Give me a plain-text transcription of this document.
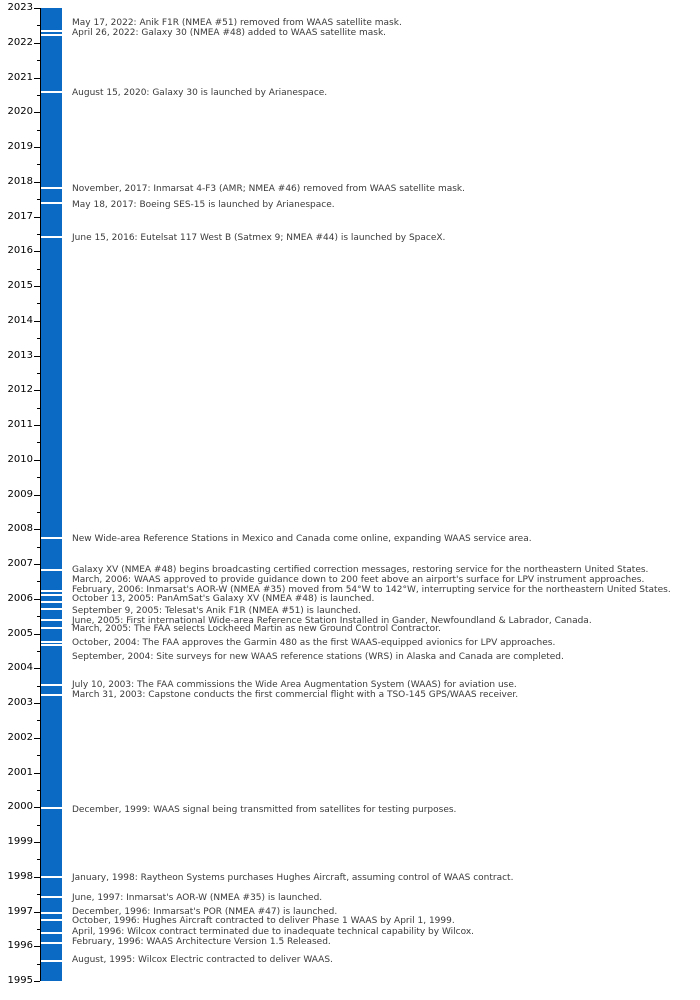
1995
1996
1997
1998
1999
2000
2001
2002
2003
2004
2005
2006
2007
2008
2009
2010
2011
2012
2013
2014
2015
2016
2017
2018
2019
2020
2021
2022
2023
May 17, 2022: Anik F1R (NMEA #51) removed from WAAS satellite mask.
April 26, 2022: Galaxy 30 (NMEA #48) added to WAAS satellite mask.
August 15, 2020: Galaxy 30 is launched by Arianespace.
November, 2017: Inmarsat 4-F3 (AMR; NMEA #46) removed from WAAS satellite mask.
May 18, 2017: Boeing SES-15 is launched by Arianespace.
June 15, 2016: Eutelsat 117 West B (Satmex 9; NMEA #44) is launched by SpaceX.
New Wide-area Reference Stations in Mexico and Canada come online, expanding WAAS service area.
Galaxy XV (NMEA #48) begins broadcasting certified correction messages, restoring service for the northeastern United States.
March, 2006: WAAS approved to provide guidance down to 200 feet above an airport's surface for LPV instrument approaches.
February, 2006: Inmarsat's AOR-W (NMEA #35) moved from 54°W to 142°W, interrupting service for the northeastern United States.
October 13, 2005: PanAmSat's Galaxy XV (NMEA #48) is launched.
September 9, 2005: Telesat's Anik F1R (NMEA #51) is launched.
June, 2005: First international Wide-area Reference Station Installed in Gander, Newfoundland & Labrador, Canada.
March, 2005: The FAA selects Lockheed Martin as new Ground Control Contractor.
October, 2004: The FAA approves the Garmin 480 as the first WAAS-equipped avionics for LPV approaches.
September, 2004: Site surveys for new WAAS reference stations (WRS) in Alaska and Canada are completed.
July 10, 2003: The FAA commissions the Wide Area Augmentation System (WAAS) for aviation use.
March 31, 2003: Capstone conducts the first commercial flight with a TSO-145 GPS/WAAS receiver.
December, 1999: WAAS signal being transmitted from satellites for testing purposes.
January, 1998: Raytheon Systems purchases Hughes Aircraft, assuming control of WAAS contract.
June, 1997: Inmarsat's AOR-W (NMEA #35) is launched.
December, 1996: Inmarsat's POR (NMEA #47) is launched.
October, 1996: Hughes Aircraft contracted to deliver Phase 1 WAAS by April 1, 1999.
April, 1996: Wilcox contract terminated due to inadequate technical capability by Wilcox.
February, 1996: WAAS Architecture Version 1.5 Released.
August, 1995: Wilcox Electric contracted to deliver WAAS.
